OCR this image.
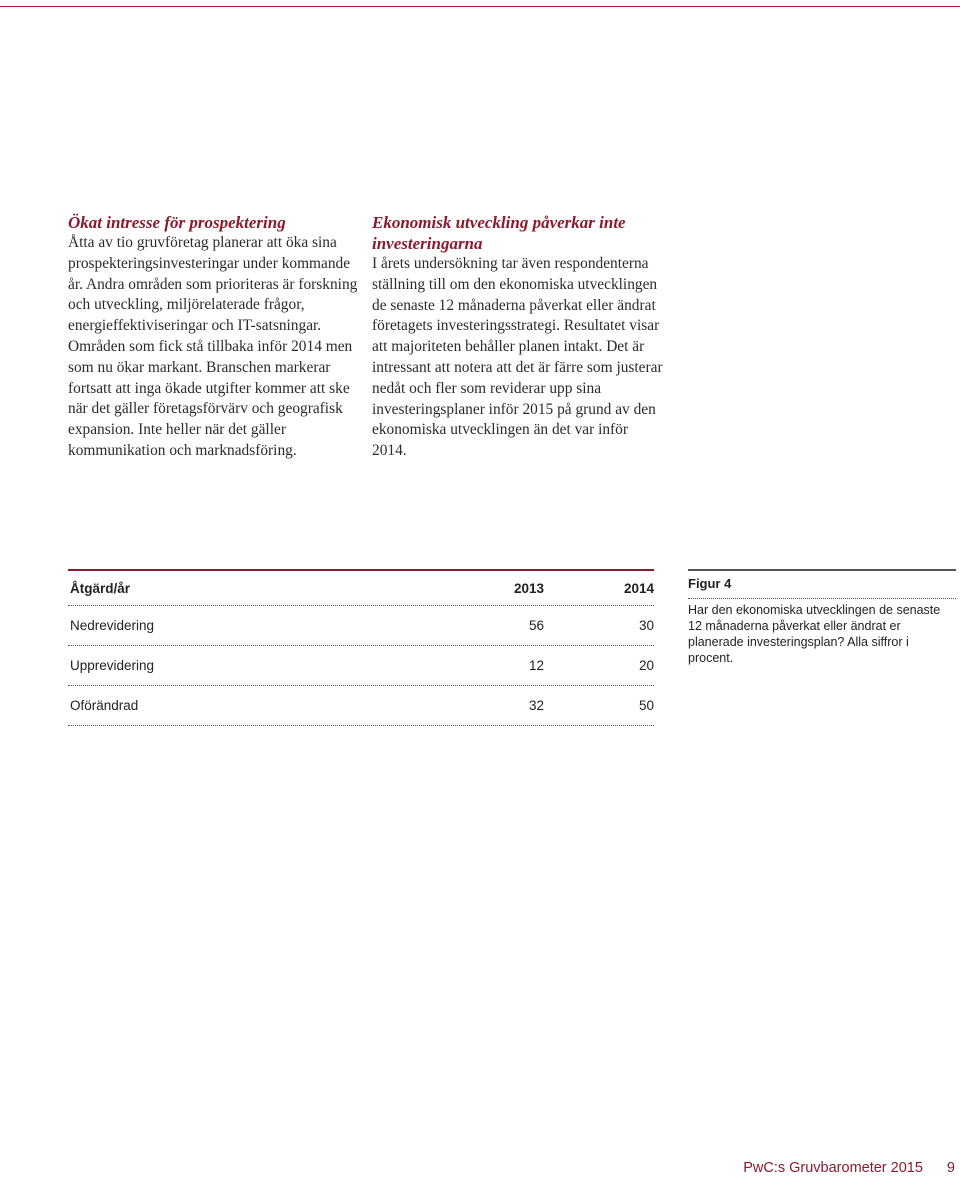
Ökat intresse för prospektering

Åtta av tio gruvföretag planerar att öka sina prospekteringsinvesteringar under kommande år. Andra områden som prioriteras är forskning och utveckling, miljörelaterade frågor, energieffektiviseringar och IT-satsningar. Områden som fick stå tillbaka inför 2014 men som nu ökar markant. Branschen markerar fortsatt att inga ökade utgifter kommer att ske när det gäller företagsförvärv och geografisk expansion. Inte heller när det gäller kommunikation och marknadsföring.

Ekonomisk utveckling påverkar inte investeringarna

I årets undersökning tar även respondenterna ställning till om den ekonomiska utvecklingen de senaste 12 månaderna påverkat eller ändrat företagets investeringsstrategi. Resultatet visar att majoriteten behåller planen intakt. Det är intressant att notera att det är färre som justerar nedåt och fler som reviderar upp sina investeringsplaner inför 2015 på grund av den ekonomiska utvecklingen än det var inför 2014.

Åtgärd/år	2013	2014
Nedrevidering	56	30
Upprevidering	12	20
Oförändrad	32	50
Figur 4
Har den ekonomiska utvecklingen de senaste 12 månaderna påverkat eller ändrat er planerade investeringsplan? Alla siffror i procent.
PwC:s Gruvbarometer 2015 9
